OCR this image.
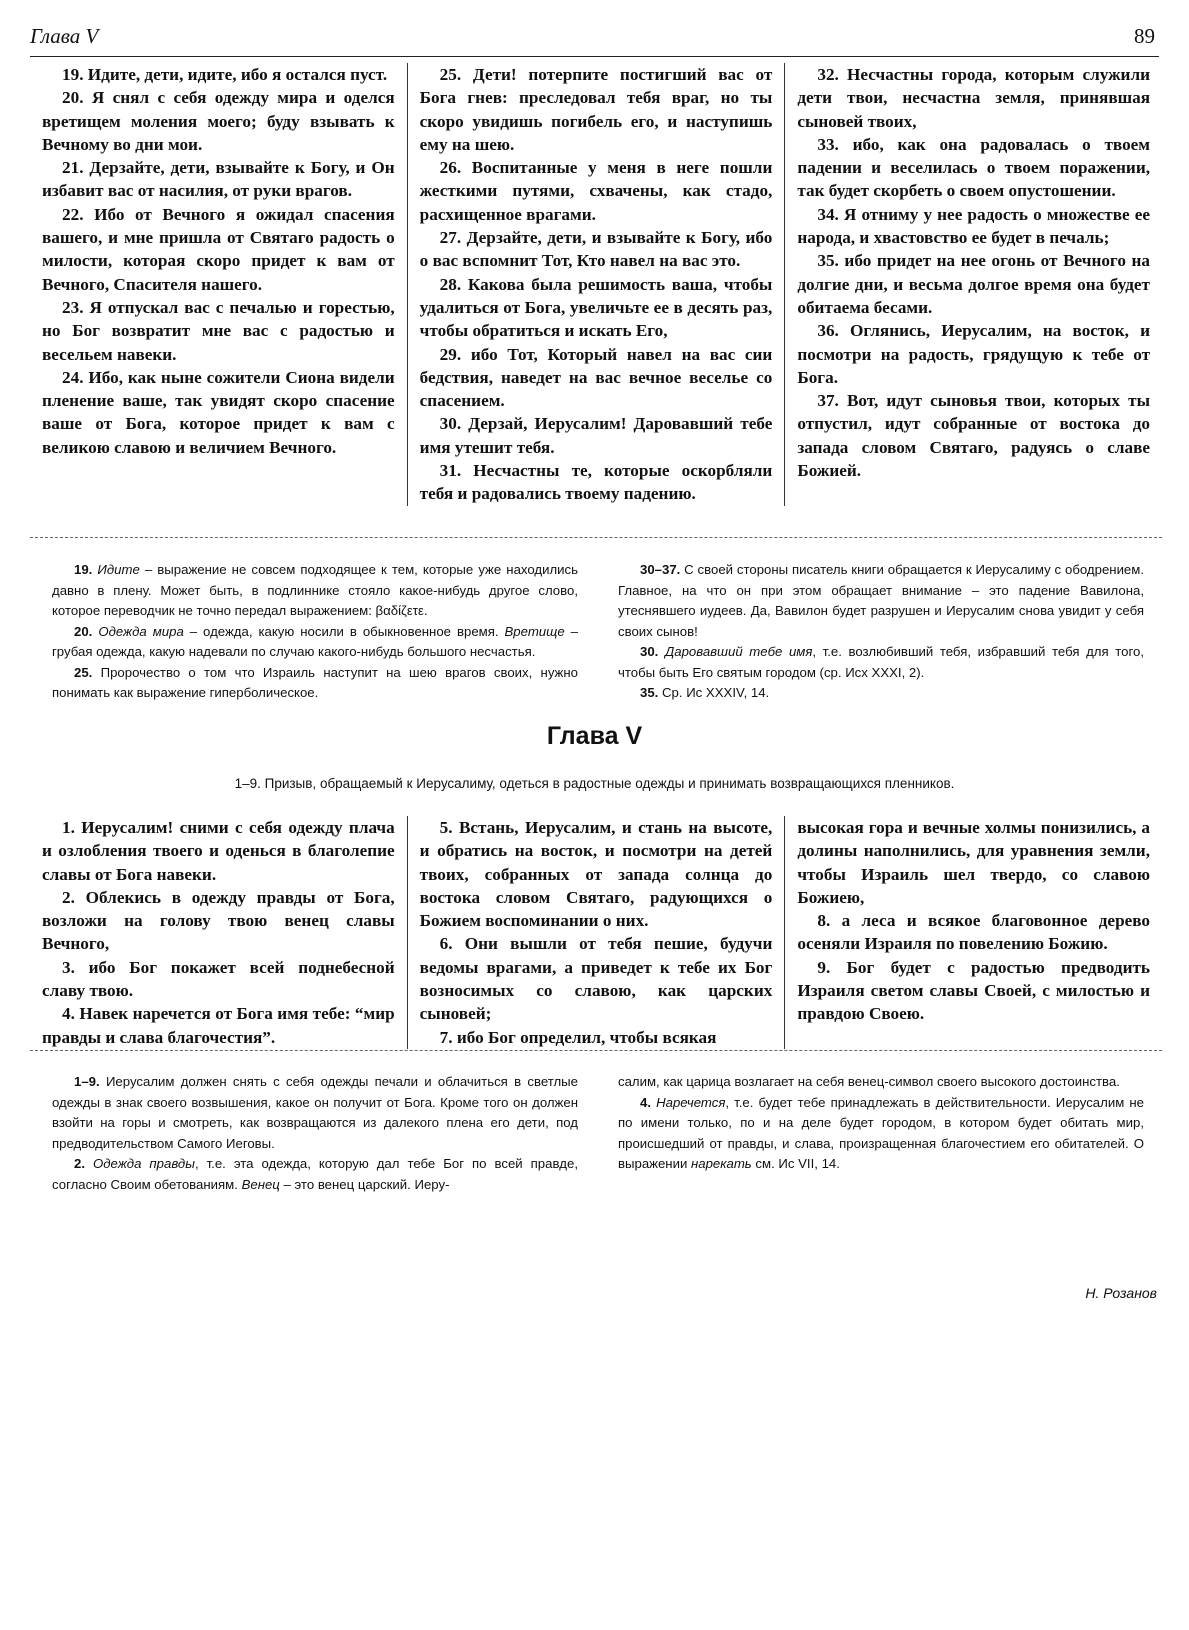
Глава V	89

19. Идите, дети, идите, ибо я остался пуст.

20. Я снял с себя одежду мира и оделся вретищем моления моего; буду взывать к Вечному во дни мои.

21. Дерзайте, дети, взывайте к Богу, и Он избавит вас от насилия, от руки врагов.

22. Ибо от Вечного я ожидал спасения вашего, и мне пришла от Святаго радость о милости, которая скоро придет к вам от Вечного, Спасителя нашего.

23. Я отпускал вас с печалью и горестью, но Бог возвратит мне вас с радостью и весельем навеки.

24. Ибо, как ныне сожители Сиона видели пленение ваше, так увидят скоро спасение ваше от Бога, которое придет к вам с великою славою и величием Вечного.

25. Дети! потерпите постигший вас от Бога гнев: преследовал тебя враг, но ты скоро увидишь погибель его, и наступишь ему на шею.

26. Воспитанные у меня в неге пошли жесткими путями, схвачены, как стадо, расхищенное врагами.

27. Дерзайте, дети, и взывайте к Богу, ибо о вас вспомнит Тот, Кто навел на вас это.

28. Какова была решимость ваша, чтобы удалиться от Бога, увеличьте ее в десять раз, чтобы обратиться и искать Его,

29. ибо Тот, Который навел на вас сии бедствия, наведет на вас вечное веселье со спасением.

30. Дерзай, Иерусалим! Даровавший тебе имя утешит тебя.

31. Несчастны те, которые оскорбляли тебя и радовались твоему падению.

32. Несчастны города, которым служили дети твои, несчастна земля, принявшая сыновей твоих,

33. ибо, как она радовалась о твоем падении и веселилась о твоем поражении, так будет скорбеть о своем опустошении.

34. Я отниму у нее радость о множестве ее народа, и хвастовство ее будет в печаль;

35. ибо придет на нее огонь от Вечного на долгие дни, и весьма долгое время она будет обитаема бесами.

36. Оглянись, Иерусалим, на восток, и посмотри на радость, грядущую к тебе от Бога.

37. Вот, идут сыновья твои, которых ты отпустил, идут собранные от востока до запада словом Святаго, радуясь о славе Божией.

19. Идите – выражение не совсем подходящее к тем, которые уже находились давно в плену. Может быть, в подлиннике стояло какое-нибудь другое слово, которое переводчик не точно передал выражением: βαδίζετε.

20. Одежда мира – одежда, какую носили в обыкновенное время. Вретище – грубая одежда, какую надевали по случаю какого-нибудь большого несчастья.

25. Пророчество о том что Израиль наступит на шею врагов своих, нужно понимать как выражение гиперболическое.

30–37. С своей стороны писатель книги обращается к Иерусалиму с ободрением. Главное, на что он при этом обращает внимание – это падение Вавилона, утеснявшего иудеев. Да, Вавилон будет разрушен и Иерусалим снова увидит у себя своих сынов!

30. Даровавший тебе имя, т.е. возлюбивший тебя, избравший тебя для того, чтобы быть Его святым городом (ср. Исх XXXI, 2).

35. Ср. Ис XXXIV, 14.

Глава V
1–9. Призыв, обращаемый к Иерусалиму, одеться в радостные одежды и принимать возвращающихся пленников.

1. Иерусалим! сними с себя одежду плача и озлобления твоего и оденься в благолепие славы от Бога навеки.

2. Облекись в одежду правды от Бога, возложи на голову твою венец славы Вечного,

3. ибо Бог покажет всей поднебесной славу твою.

4. Навек наречется от Бога имя тебе: “мир правды и слава благочестия”.

5. Встань, Иерусалим, и стань на высоте, и обратись на восток, и посмотри на детей твоих, собранных от запада солнца до востока словом Святаго, радующихся о Божием воспоминании о них.

6. Они вышли от тебя пешие, будучи ведомы врагами, а приведет к тебе их Бог возносимых со славою, как царских сыновей;

7. ибо Бог определил, чтобы всякая

высокая гора и вечные холмы понизились, а долины наполнились, для уравнения земли, чтобы Израиль шел твердо, со славою Божиею,

8. а леса и всякое благовонное дерево осеняли Израиля по повелению Божию.

9. Бог будет с радостью предводить Израиля светом славы Своей, с милостью и правдою Своею.

1–9. Иерусалим должен снять с себя одежды печали и облачиться в светлые одежды в знак своего возвышения, какое он получит от Бога. Кроме того он должен взойти на горы и смотреть, как возвращаются из далекого плена его дети, под предводительством Самого Иеговы.

2. Одежда правды, т.е. эта одежда, которую дал тебе Бог по всей правде, согласно Своим обетованиям. Венец – это венец царский. Иеру-

салим, как царица возлагает на себя венец-символ своего высокого достоинства.

4. Наречется, т.е. будет тебе принадлежать в действительности. Иерусалим не по имени только, по и на деле будет городом, в котором будет обитать мир, происшедший от правды, и слава, произращенная благочестием его обитателей. О выражении нарекать см. Ис VII, 14.

Н. Розанов
